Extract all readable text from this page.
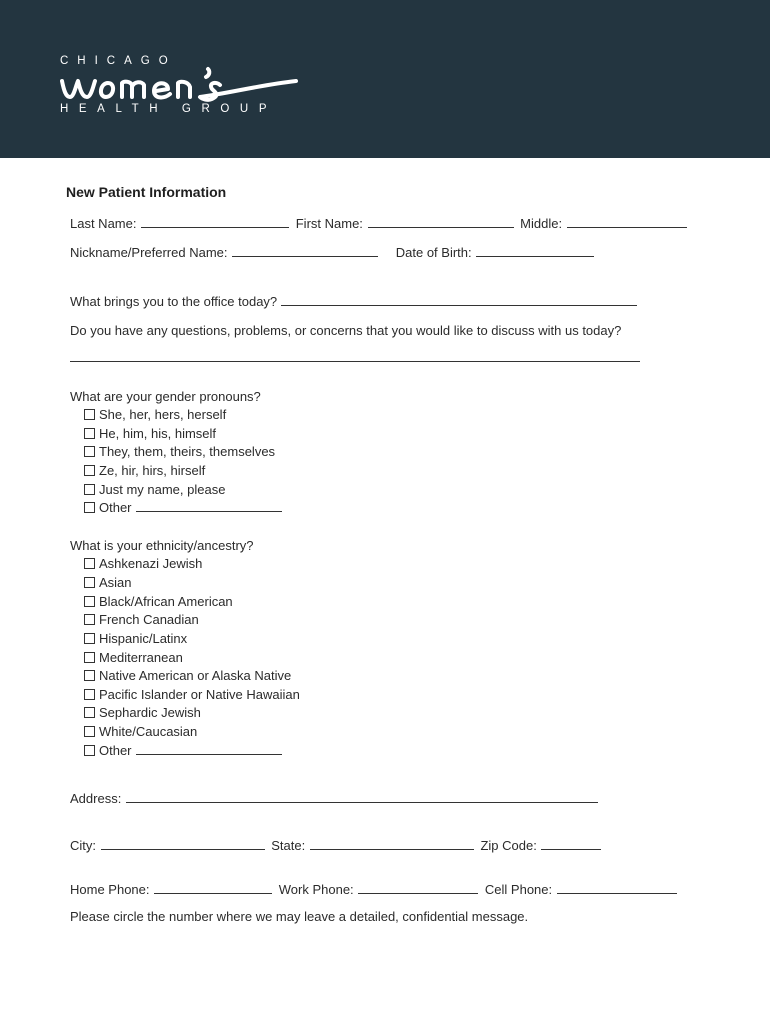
CHICAGO
HEALTH GROUP
New Patient Information
Last Name:	First Name:	Middle:
Nickname/Preferred Name:	Date of Birth:
What brings you to the office today?
Do you have any questions, problems, or concerns that you would like to discuss with us today?
What are your gender pronouns?
She, her, hers, herself
He, him, his, himself
They, them, theirs, themselves
Ze, hir, hirs, hirself
Just my name, please
Other
What is your ethnicity/ancestry?
Ashkenazi Jewish
Asian
Black/African American
French Canadian
Hispanic/Latinx
Mediterranean
Native American or Alaska Native
Pacific Islander or Native Hawaiian
Sephardic Jewish
White/Caucasian
Other
Address:
City:	State:	Zip Code:
Home Phone:	Work Phone:	Cell Phone:
Please circle the number where we may leave a detailed, confidential message.
